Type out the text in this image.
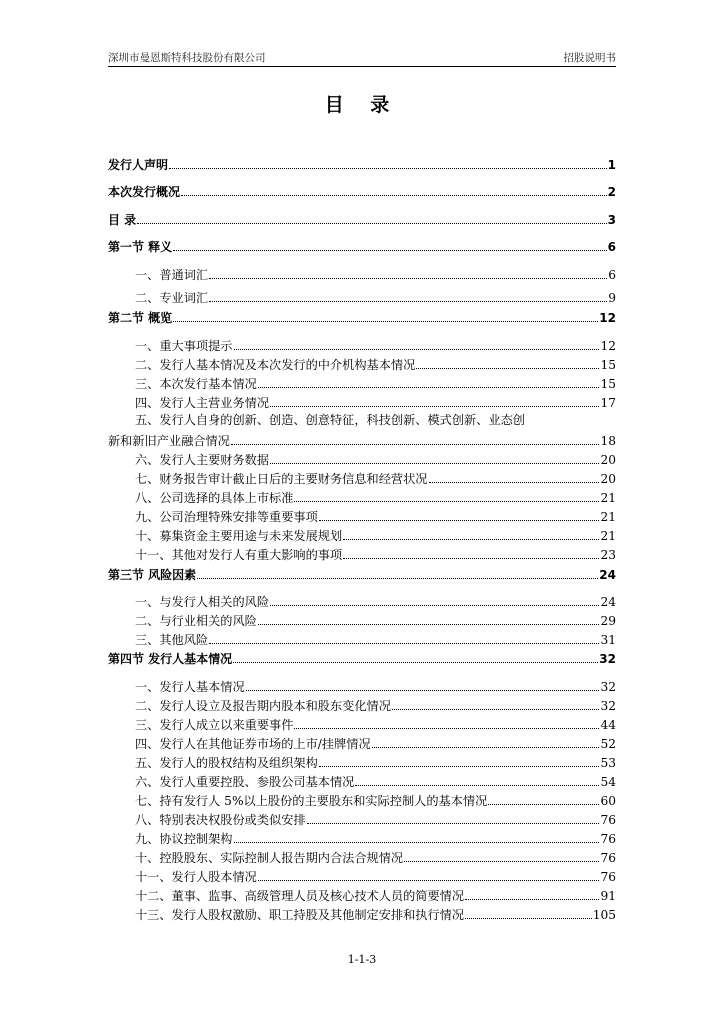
深圳市曼恩斯特科技股份有限公司	招股说明书
目 录
发行人声明	1
本次发行概况	2
目 录	3
第一节 释义	6
一、普通词汇	6
二、专业词汇	9
第二节 概览	12
一、重大事项提示	12
二、发行人基本情况及本次发行的中介机构基本情况	15
三、本次发行基本情况	15
四、发行人主营业务情况	17
五、发行人自身的创新、创造、创意特征，科技创新、模式创新、业态创
新和新旧产业融合情况	18
六、发行人主要财务数据	20
七、财务报告审计截止日后的主要财务信息和经营状况	20
八、公司选择的具体上市标准	21
九、公司治理特殊安排等重要事项	21
十、募集资金主要用途与未来发展规划	21
十一、其他对发行人有重大影响的事项	23
第三节 风险因素	24
一、与发行人相关的风险	24
二、与行业相关的风险	29
三、其他风险	31
第四节 发行人基本情况	32
一、发行人基本情况	32
二、发行人设立及报告期内股本和股东变化情况	32
三、发行人成立以来重要事件	44
四、发行人在其他证券市场的上市/挂牌情况	52
五、发行人的股权结构及组织架构	53
六、发行人重要控股、参股公司基本情况	54
七、持有发行人 5%以上股份的主要股东和实际控制人的基本情况	60
八、特别表决权股份或类似安排	76
九、协议控制架构	76
十、控股股东、实际控制人报告期内合法合规情况	76
十一、发行人股本情况	76
十二、董事、监事、高级管理人员及核心技术人员的简要情况	91
十三、发行人股权激励、职工持股及其他制定安排和执行情况	105
1-1-3
